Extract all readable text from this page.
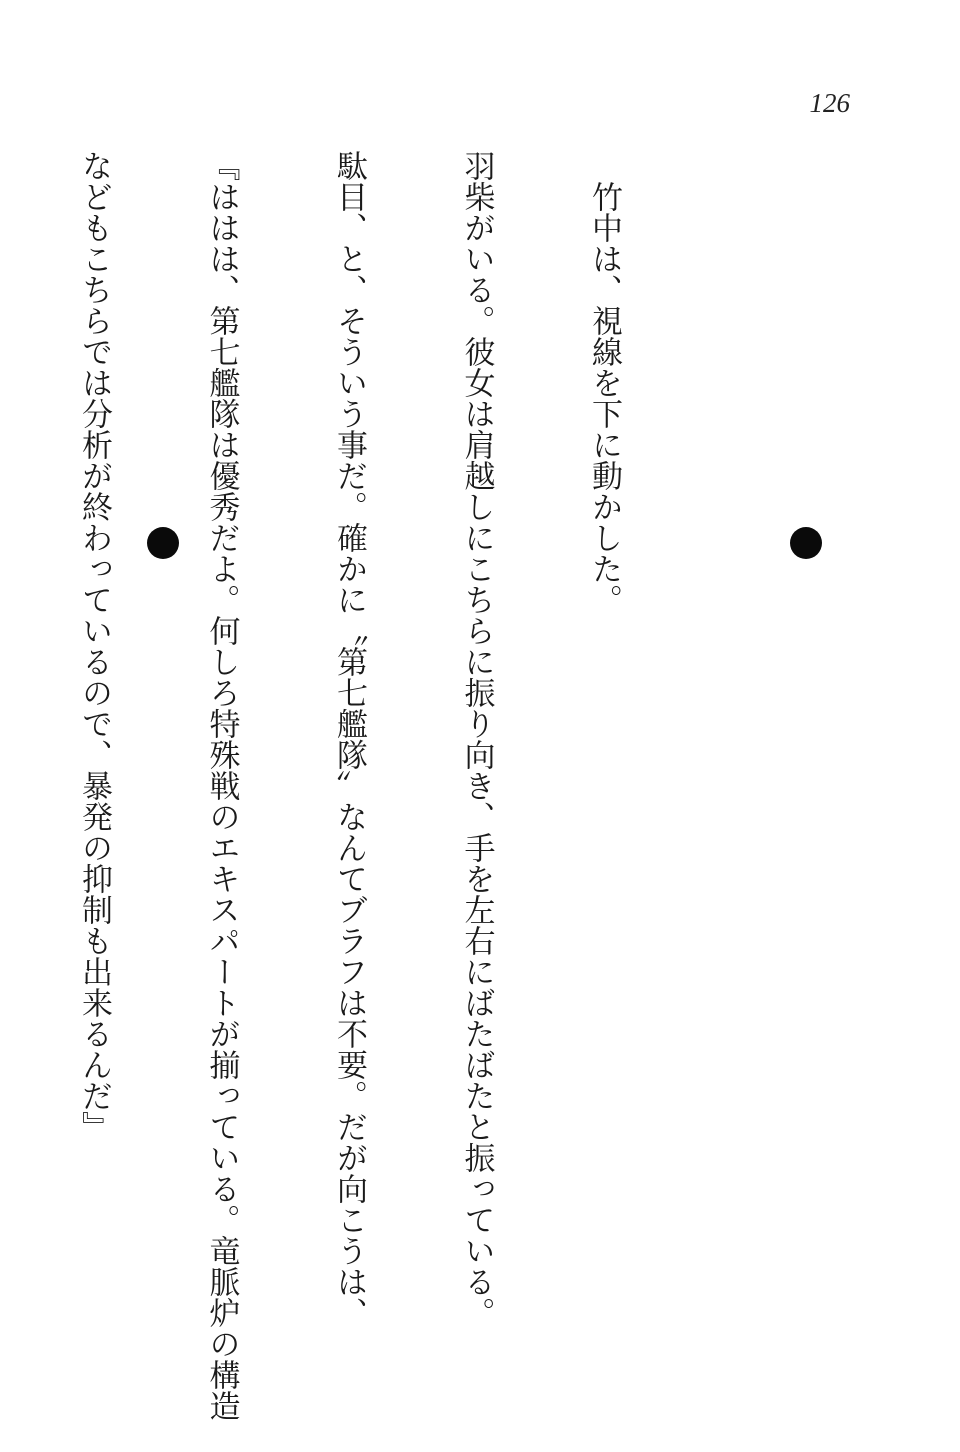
126

竹中は、視線を下に動かした。

羽柴がいる。彼女は肩越しにこちらに振り向き、手を左右にばたばたと振っている。

駄目、と、そういう事だ。確かに〝第七艦隊〟なんてブラフは不要。だが向こうは、

『ははは、第七艦隊は優秀だよ。何しろ特殊戦のエキスパートが揃っている。竜脈炉の構造

などもこちらでは分析が終わっているので、暴発の抑制も出来るんだ』
